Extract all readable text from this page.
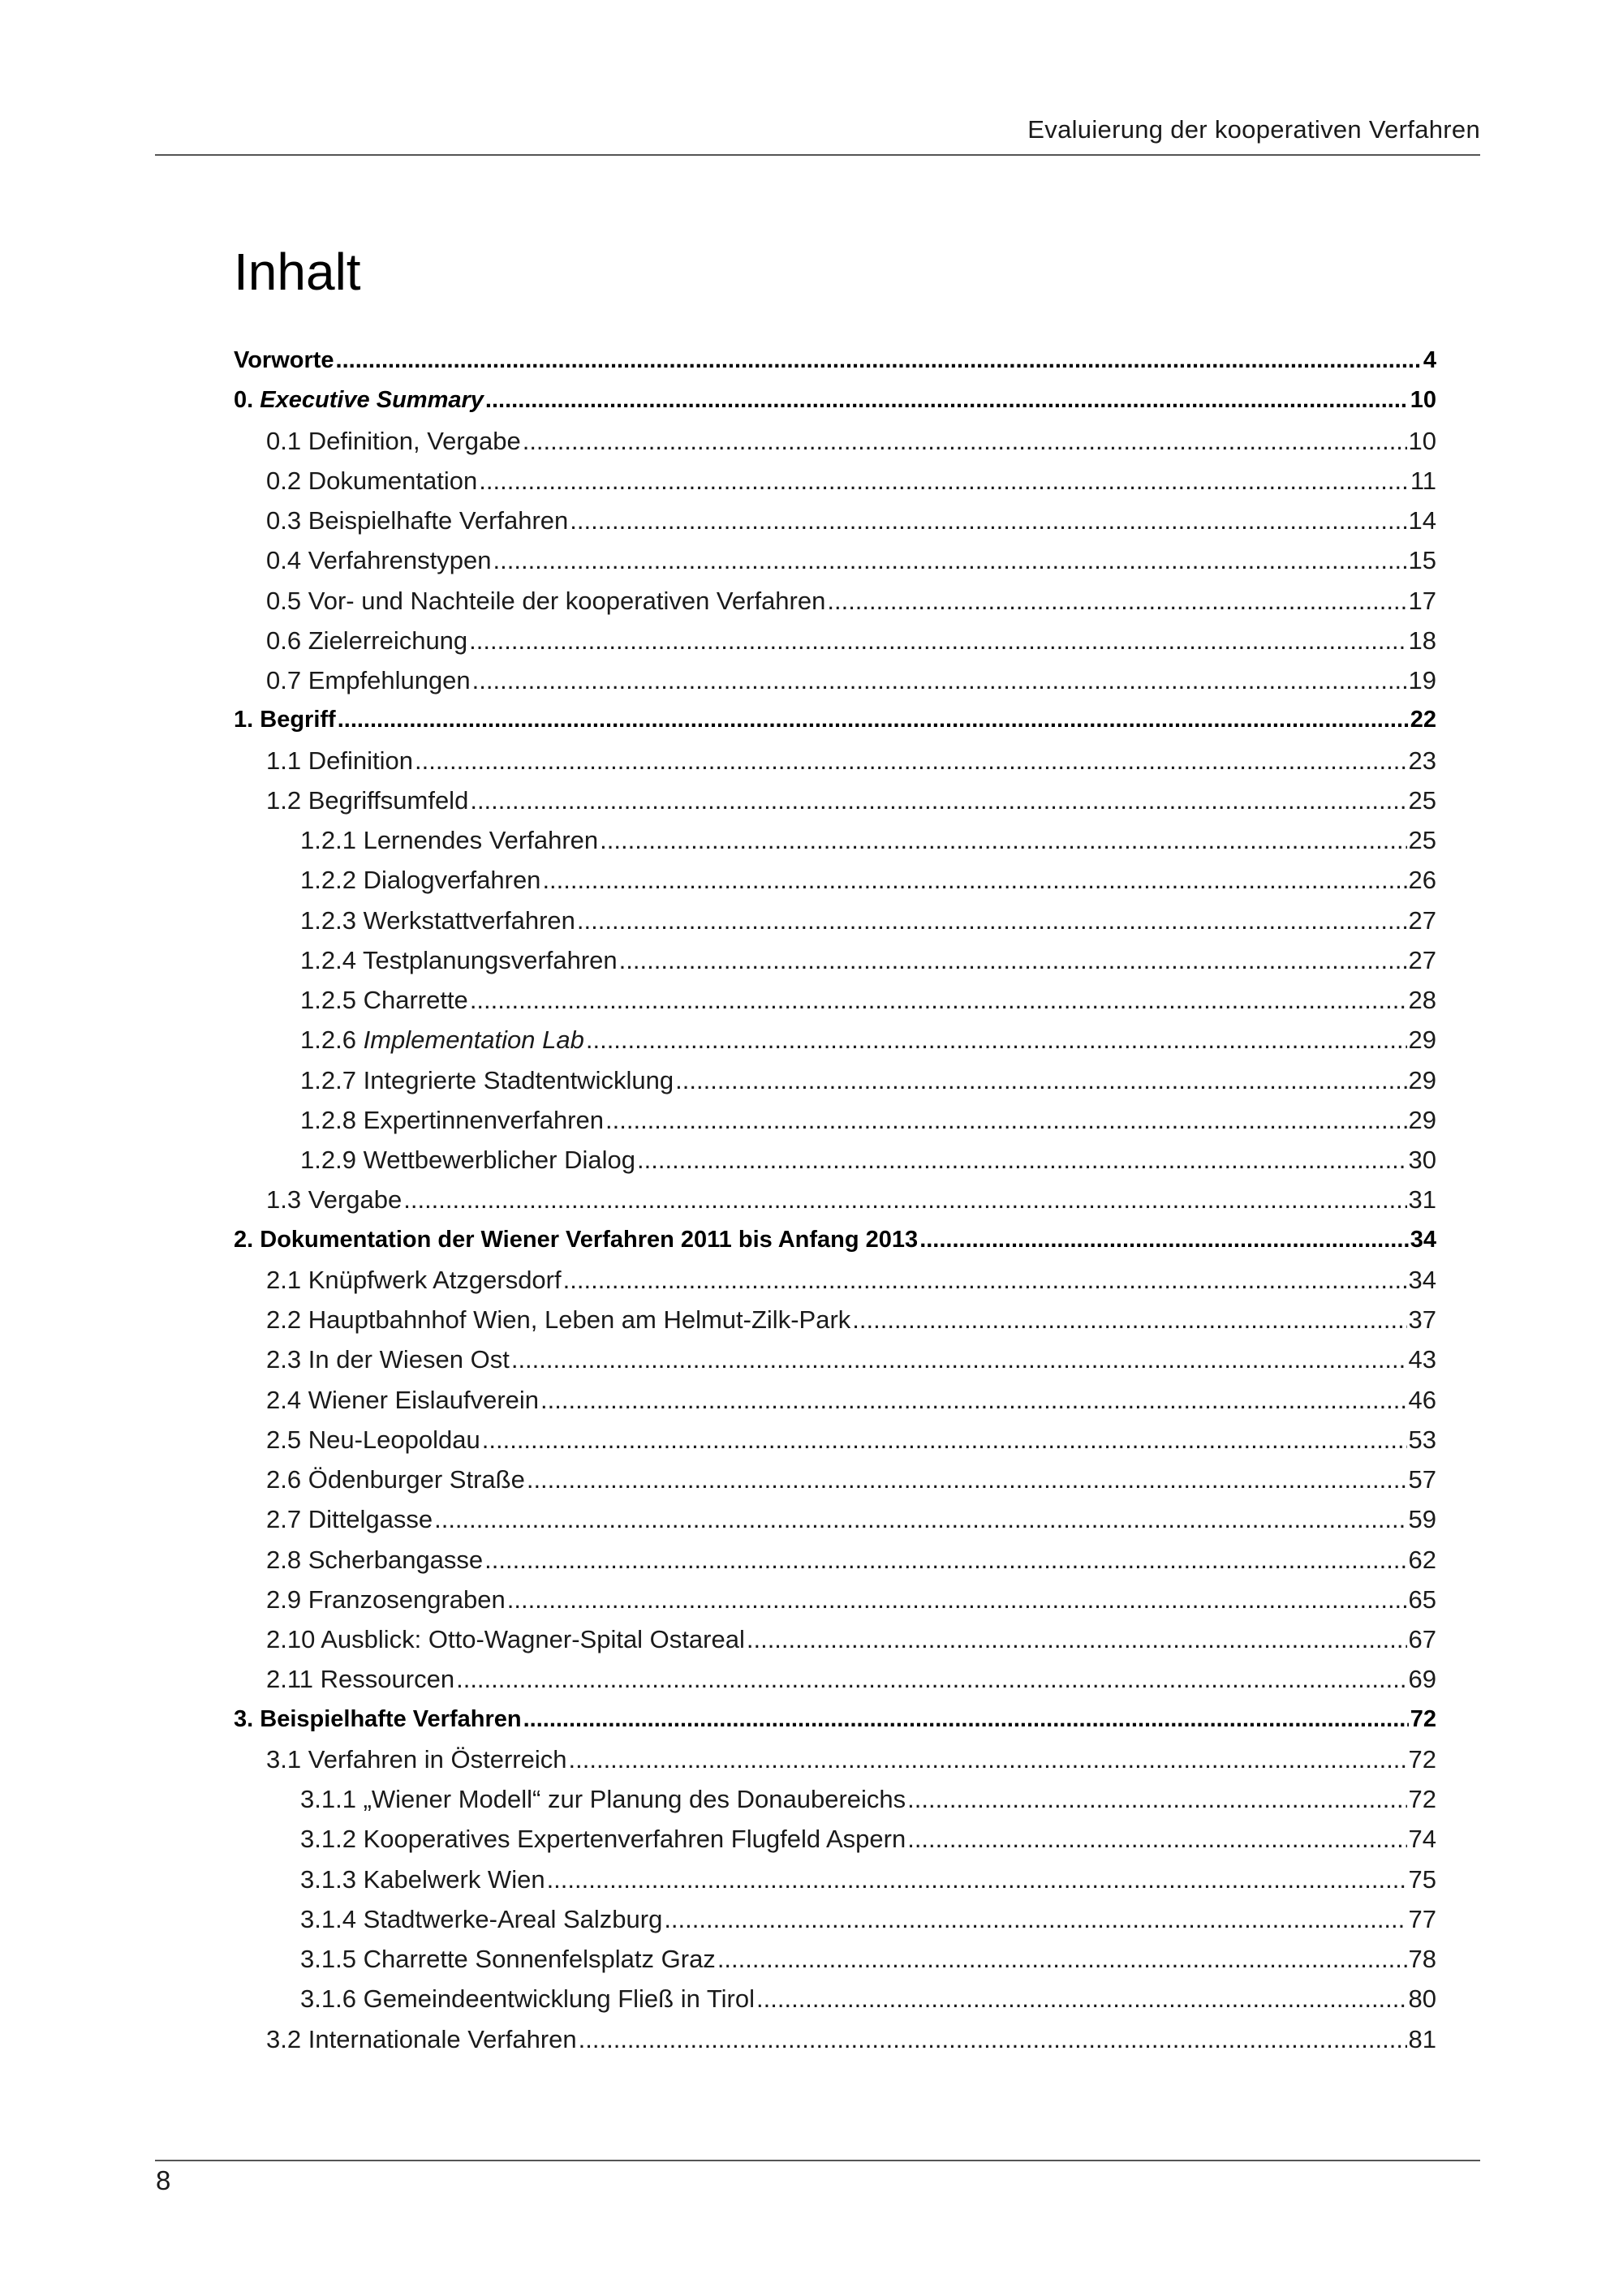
Evaluierung der kooperativen Verfahren
Inhalt
Vorworte .....	4
0. Executive Summary .....	10
0.1 Definition, Vergabe .....	10
0.2 Dokumentation .....	11
0.3 Beispielhafte Verfahren .....	14
0.4 Verfahrenstypen .....	15
0.5 Vor- und Nachteile der kooperativen Verfahren .....	17
0.6 Zielerreichung .....	18
0.7 Empfehlungen .....	19
1. Begriff .....	22
1.1 Definition .....	23
1.2 Begriffsumfeld .....	25
1.2.1 Lernendes Verfahren .....	25
1.2.2 Dialogverfahren .....	26
1.2.3 Werkstattverfahren .....	27
1.2.4 Testplanungsverfahren .....	27
1.2.5 Charrette .....	28
1.2.6 Implementation Lab .....	29
1.2.7 Integrierte Stadtentwicklung .....	29
1.2.8 Expertinnenverfahren .....	29
1.2.9 Wettbewerblicher Dialog .....	30
1.3 Vergabe .....	31
2. Dokumentation der Wiener Verfahren 2011 bis Anfang 2013 .....	34
2.1 Knüpfwerk Atzgersdorf .....	34
2.2 Hauptbahnhof Wien, Leben am Helmut-Zilk-Park .....	37
2.3 In der Wiesen Ost .....	43
2.4 Wiener Eislaufverein .....	46
2.5 Neu-Leopoldau .....	53
2.6 Ödenburger Straße .....	57
2.7 Dittelgasse .....	59
2.8 Scherbangasse .....	62
2.9 Franzosengraben .....	65
2.10 Ausblick: Otto-Wagner-Spital Ostareal .....	67
2.11 Ressourcen .....	69
3. Beispielhafte Verfahren .....	72
3.1 Verfahren in Österreich .....	72
3.1.1 „Wiener Modell“ zur Planung des Donaubereichs .....	72
3.1.2 Kooperatives Expertenverfahren Flugfeld Aspern .....	74
3.1.3 Kabelwerk Wien .....	75
3.1.4 Stadtwerke-Areal Salzburg .....	77
3.1.5 Charrette Sonnenfelsplatz Graz .....	78
3.1.6 Gemeindeentwicklung Fließ in Tirol .....	80
3.2 Internationale Verfahren .....	81
8
